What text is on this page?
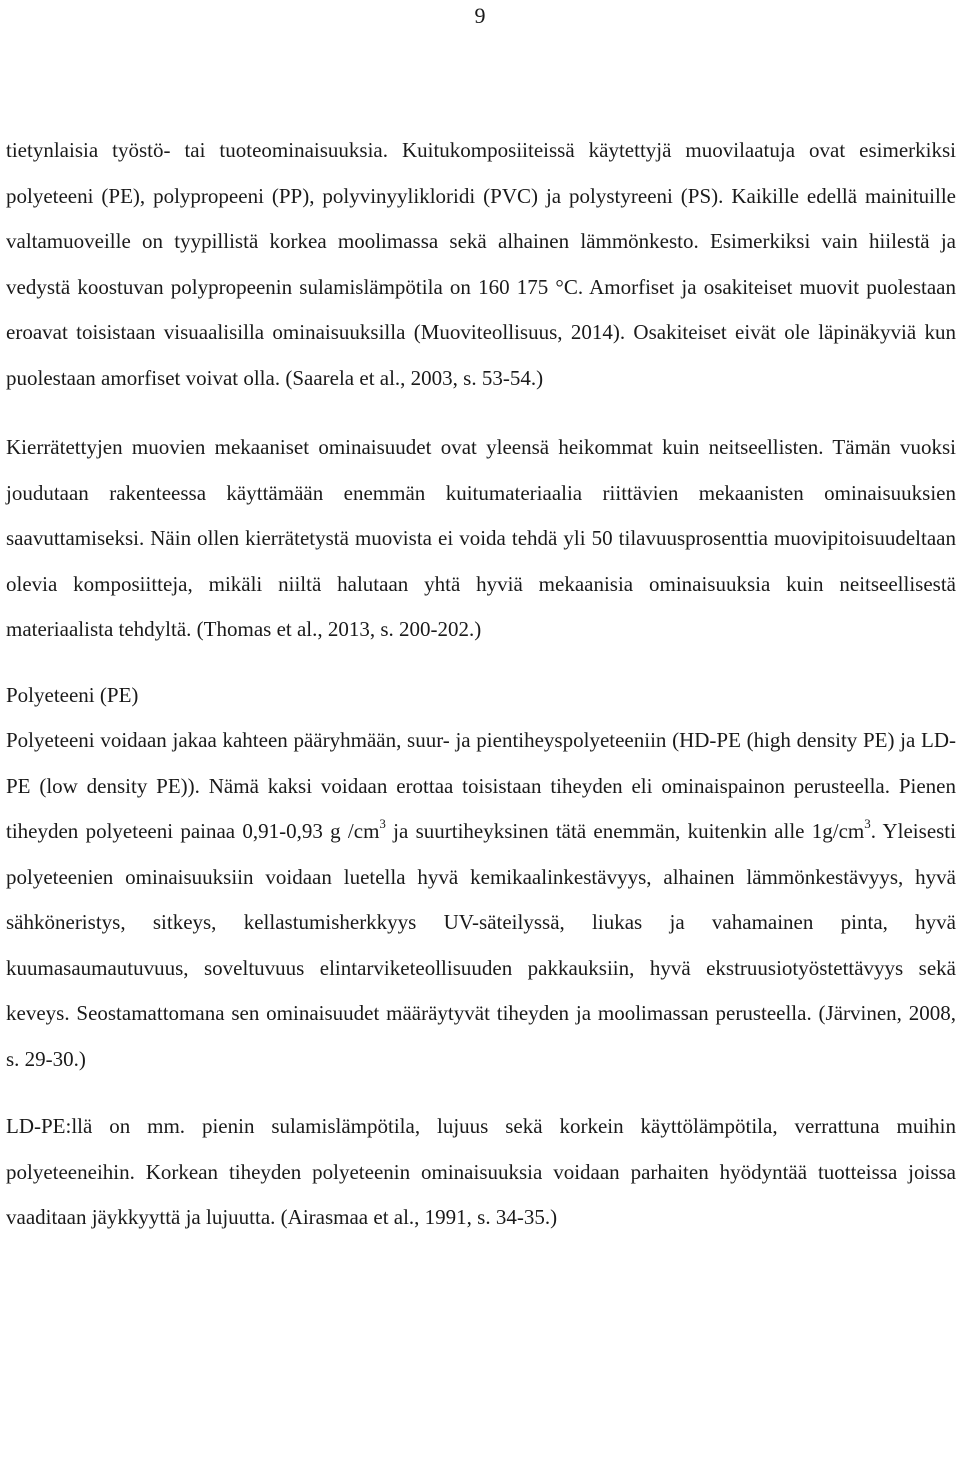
9

tietynlaisia työstö- tai tuoteominaisuuksia. Kuitukomposiiteissä käytettyjä muovilaatuja ovat esimerkiksi polyeteeni (PE), polypropeeni (PP), polyvinyylikloridi (PVC) ja polystyreeni (PS). Kaikille edellä mainituille valtamuoveille on tyypillistä korkea moolimassa sekä alhainen lämmönkesto. Esimerkiksi vain hiilestä ja vedystä koostuvan polypropeenin sulamislämpötila on 160 175 °C. Amorfiset ja osakiteiset muovit puolestaan eroavat toisistaan visuaalisilla ominaisuuksilla (Muoviteollisuus, 2014). Osakiteiset eivät ole läpinäkyviä kun puolestaan amorfiset voivat olla. (Saarela et al., 2003, s. 53-54.)

Kierrätettyjen muovien mekaaniset ominaisuudet ovat yleensä heikommat kuin neitseellisten. Tämän vuoksi joudutaan rakenteessa käyttämään enemmän kuitumateriaalia riittävien mekaanisten ominaisuuksien saavuttamiseksi. Näin ollen kierrätetystä muovista ei voida tehdä yli 50 tilavuusprosenttia muovipitoisuudeltaan olevia komposiitteja, mikäli niiltä halutaan yhtä hyviä mekaanisia ominaisuuksia kuin neitseellisestä materiaalista tehdyltä. (Thomas et al., 2013, s. 200-202.)

Polyeteeni (PE)

Polyeteeni voidaan jakaa kahteen pääryhmään, suur- ja pientiheyspolyeteeniin (HD-PE (high density PE) ja LD-PE (low density PE)). Nämä kaksi voidaan erottaa toisistaan tiheyden eli ominaispainon perusteella. Pienen tiheyden polyeteeni painaa 0,91-0,93 g $/cm^3$ ja suurtiheyksinen tätä enemmän, kuitenkin alle $1g/cm^3$. Yleisesti polyeteenien ominaisuuksiin voidaan luetella hyvä kemikaalinkestävyys, alhainen lämmönkestävyys, hyvä sähköneristys, sitkeys, kellastumisherkkyys UV-säteilyssä, liukas ja vahamainen pinta, hyvä kuumasaumautuvuus, soveltuvuus elintarviketeollisuuden pakkauksiin, hyvä ekstruusiotyöstettävyys sekä keveys. Seostamattomana sen ominaisuudet määräytyvät tiheyden ja moolimassan perusteella. (Järvinen, 2008, s. 29-30.)

LD-PE:llä on mm. pienin sulamislämpötila, lujuus sekä korkein käyttölämpötila, verrattuna muihin polyeteeneihin. Korkean tiheyden polyeteenin ominaisuuksia voidaan parhaiten hyödyntää tuotteissa joissa vaaditaan jäykkyyttä ja lujuutta. (Airasmaa et al., 1991, s. 34-35.)
